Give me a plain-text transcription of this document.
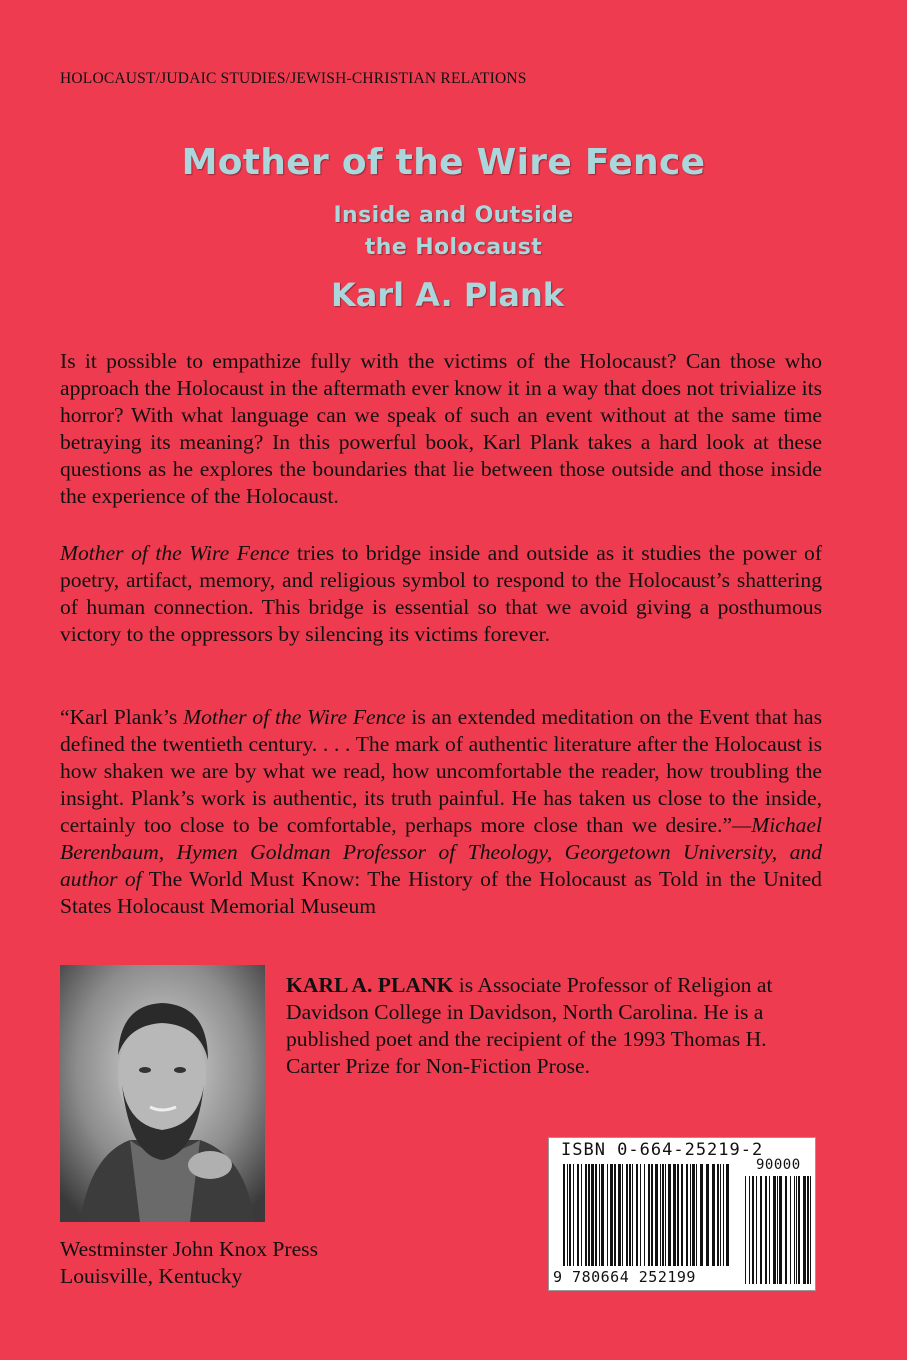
HOLOCAUST/JUDAIC STUDIES/JEWISH-CHRISTIAN RELATIONS
Mother of the Wire Fence
Inside and Outside
the Holocaust
Karl A. Plank

Is it possible to empathize fully with the victims of the Holocaust? Can those who approach the Holocaust in the aftermath ever know it in a way that does not trivialize its horror? With what language can we speak of such an event without at the same time betraying its meaning? In this powerful book, Karl Plank takes a hard look at these questions as he explores the boundaries that lie between those outside and those inside the experience of the Holocaust.

Mother of the Wire Fence tries to bridge inside and outside as it studies the power of poetry, artifact, memory, and religious symbol to respond to the Holocaust’s shattering of human connection. This bridge is essential so that we avoid giving a posthumous victory to the oppressors by silencing its victims forever.

“Karl Plank’s Mother of the Wire Fence is an extended meditation on the Event that has defined the twentieth century. . . . The mark of authentic literature after the Holocaust is how shaken we are by what we read, how uncomfortable the reader, how troubling the insight. Plank’s work is authentic, its truth painful. He has taken us close to the inside, certainly too close to be comfortable, perhaps more close than we desire.”—Michael Berenbaum, Hymen Goldman Professor of Theology, Georgetown University, and author of The World Must Know: The History of the Holocaust as Told in the United States Holocaust Memorial Museum

KARL A. PLANK is Associate Professor of Religion at Davidson College in Davidson, North Carolina. He is a published poet and the recipient of the 1993 Thomas H. Carter Prize for Non-Fiction Prose.

Westminster John Knox Press
Louisville, Kentucky
ISBN 0-664-25219-2
90000
9 780664 252199
